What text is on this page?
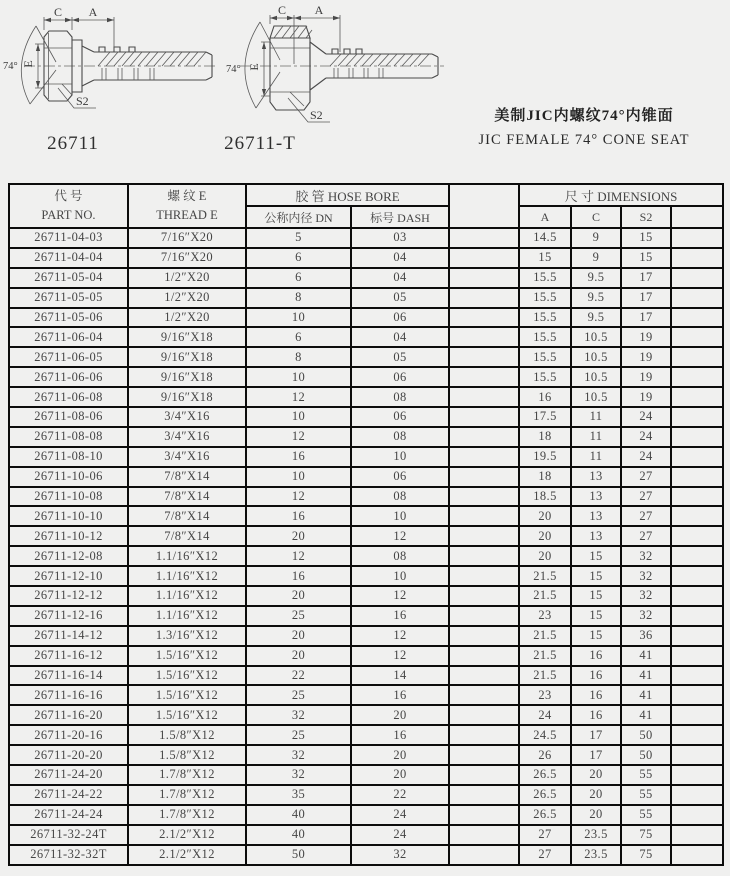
C A
E
74°
S2
C A
E
74°
S2
26711	26711-T
美制JIC内螺纹74°内锥面
JIC FEMALE 74° CONE SEAT
代 号
PART NO.

螺 纹 E
THREAD E
	胶 管 HOSE BORE		尺 寸 DIMENSIONS
		公称内径 DN	标号 DASH		A	C	S2	
26711-04-03	7/16″X20	5	03		14.5	9	15	
26711-04-04	7/16″X20	6	04		15	9	15	
26711-05-04	1/2″X20	6	04		15.5	9.5	17	
26711-05-05	1/2″X20	8	05		15.5	9.5	17	
26711-05-06	1/2″X20	10	06		15.5	9.5	17	
26711-06-04	9/16″X18	6	04		15.5	10.5	19	
26711-06-05	9/16″X18	8	05		15.5	10.5	19	
26711-06-06	9/16″X18	10	06		15.5	10.5	19	
26711-06-08	9/16″X18	12	08		16	10.5	19	
26711-08-06	3/4″X16	10	06		17.5	11	24	
26711-08-08	3/4″X16	12	08		18	11	24	
26711-08-10	3/4″X16	16	10		19.5	11	24	
26711-10-06	7/8″X14	10	06		18	13	27	
26711-10-08	7/8″X14	12	08		18.5	13	27	
26711-10-10	7/8″X14	16	10		20	13	27	
26711-10-12	7/8″X14	20	12		20	13	27	
26711-12-08	1.1/16″X12	12	08		20	15	32	
26711-12-10	1.1/16″X12	16	10		21.5	15	32	
26711-12-12	1.1/16″X12	20	12		21.5	15	32	
26711-12-16	1.1/16″X12	25	16		23	15	32	
26711-14-12	1.3/16″X12	20	12		21.5	15	36	
26711-16-12	1.5/16″X12	20	12		21.5	16	41	
26711-16-14	1.5/16″X12	22	14		21.5	16	41	
26711-16-16	1.5/16″X12	25	16		23	16	41	
26711-16-20	1.5/16″X12	32	20		24	16	41	
26711-20-16	1.5/8″X12	25	16		24.5	17	50	
26711-20-20	1.5/8″X12	32	20		26	17	50	
26711-24-20	1.7/8″X12	32	20		26.5	20	55	
26711-24-22	1.7/8″X12	35	22		26.5	20	55	
26711-24-24	1.7/8″X12	40	24		26.5	20	55	
26711-32-24T	2.1/2″X12	40	24		27	23.5	75	
26711-32-32T	2.1/2″X12	50	32		27	23.5	75	
